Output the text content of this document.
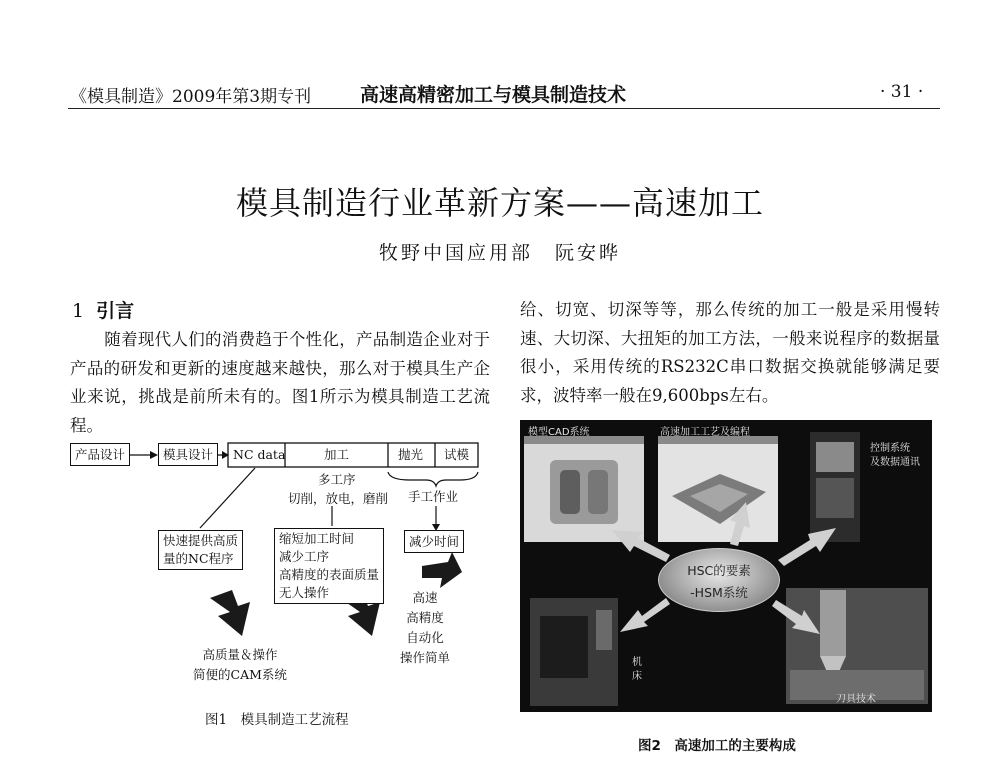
《模具制造》2009年第3期专刊	高速高精密加工与模具制造技术	· 31 ·
模具制造行业革新方案——高速加工
牧野中国应用部　阮安晔
1 引言
随着现代人们的消费趋于个性化，产品制造企业对于产品的研发和更新的速度越来越快，那么对于模具生产企业来说，挑战是前所未有的。图1所示为模具制造工艺流程。
给、切宽、切深等等，那么传统的加工一般是采用慢转速、大切深、大扭矩的加工方法，一般来说程序的数据量很小，采用传统的RS232C串口数据交换就能够满足要求，波特率一般在9,600bps左右。
产品设计	模具设计	NC data	加工	抛光 试模
多工序
切削，放电，磨削 手工作业
快速提供高质
量的NC程序
缩短加工时间
减少工序
高精度的表面质量
无人操作
减少时间
高质量＆操作
简便的CAM系统
高速
高精度
自动化
操作简单
图1　模具制造工艺流程
模型CAD系统	高速加工工艺及编程
控制系统
及数据通讯
HSC的要素
-HSM系统
机
床
刀具技术
图2　高速加工的主要构成
